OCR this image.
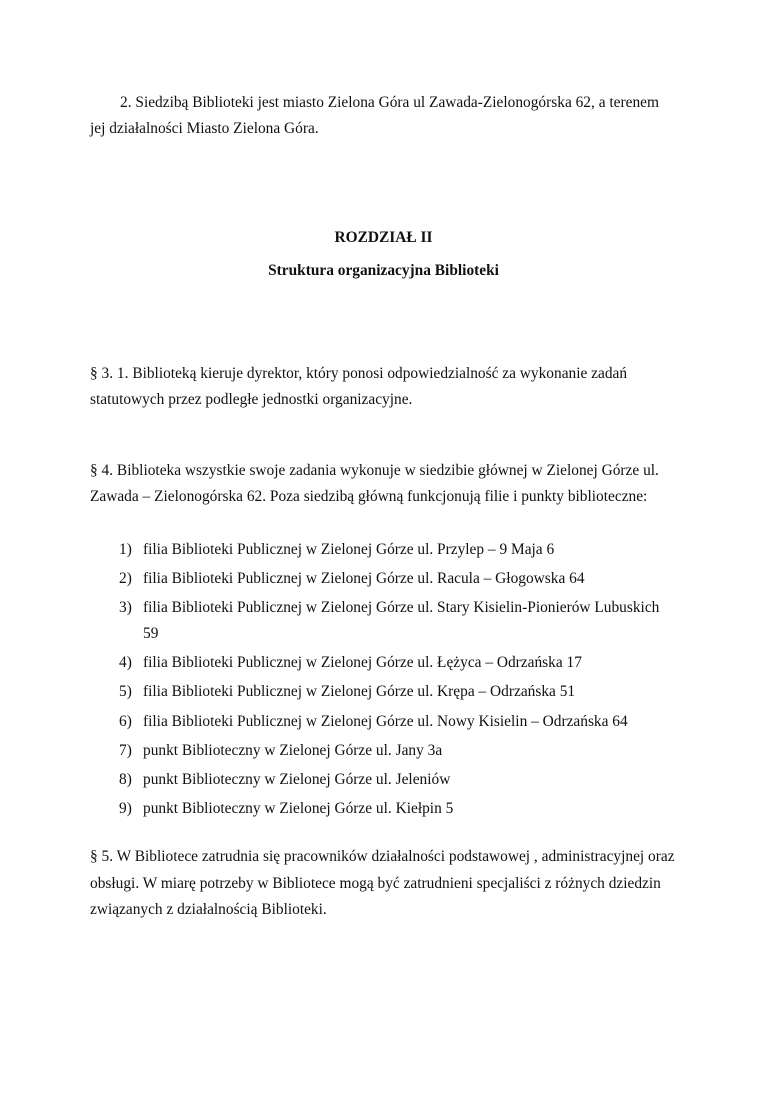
2. Siedzibą Biblioteki jest miasto Zielona Góra ul Zawada-Zielonogórska 62, a terenem jej działalności Miasto Zielona Góra.

ROZDZIAŁ II

Struktura organizacyjna Biblioteki

§ 3. 1. Biblioteką kieruje dyrektor, który ponosi odpowiedzialność za wykonanie zadań statutowych przez podległe jednostki organizacyjne.

§ 4. Biblioteka wszystkie swoje zadania wykonuje w siedzibie głównej w Zielonej Górze ul. Zawada – Zielonogórska 62. Poza siedzibą główną funkcjonują filie i punkty biblioteczne:

1) filia Biblioteki Publicznej w Zielonej Górze ul. Przylep – 9 Maja 6
2) filia Biblioteki Publicznej w Zielonej Górze ul. Racula – Głogowska 64
3) filia Biblioteki Publicznej w Zielonej Górze ul. Stary Kisielin-Pionierów Lubuskich 59
4) filia Biblioteki Publicznej w Zielonej Górze ul. Łężyca – Odrzańska 17
5) filia Biblioteki Publicznej w Zielonej Górze ul. Krępa – Odrzańska 51
6) filia Biblioteki Publicznej w Zielonej Górze ul. Nowy Kisielin – Odrzańska 64
7) punkt Biblioteczny w Zielonej Górze ul. Jany 3a
8) punkt Biblioteczny w Zielonej Górze ul. Jeleniów
9) punkt Biblioteczny w Zielonej Górze ul. Kiełpin 5

§ 5. W Bibliotece zatrudnia się pracowników działalności podstawowej , administracyjnej oraz obsługi. W miarę potrzeby w Bibliotece mogą być zatrudnieni specjaliści z różnych dziedzin związanych z działalnością Biblioteki.
